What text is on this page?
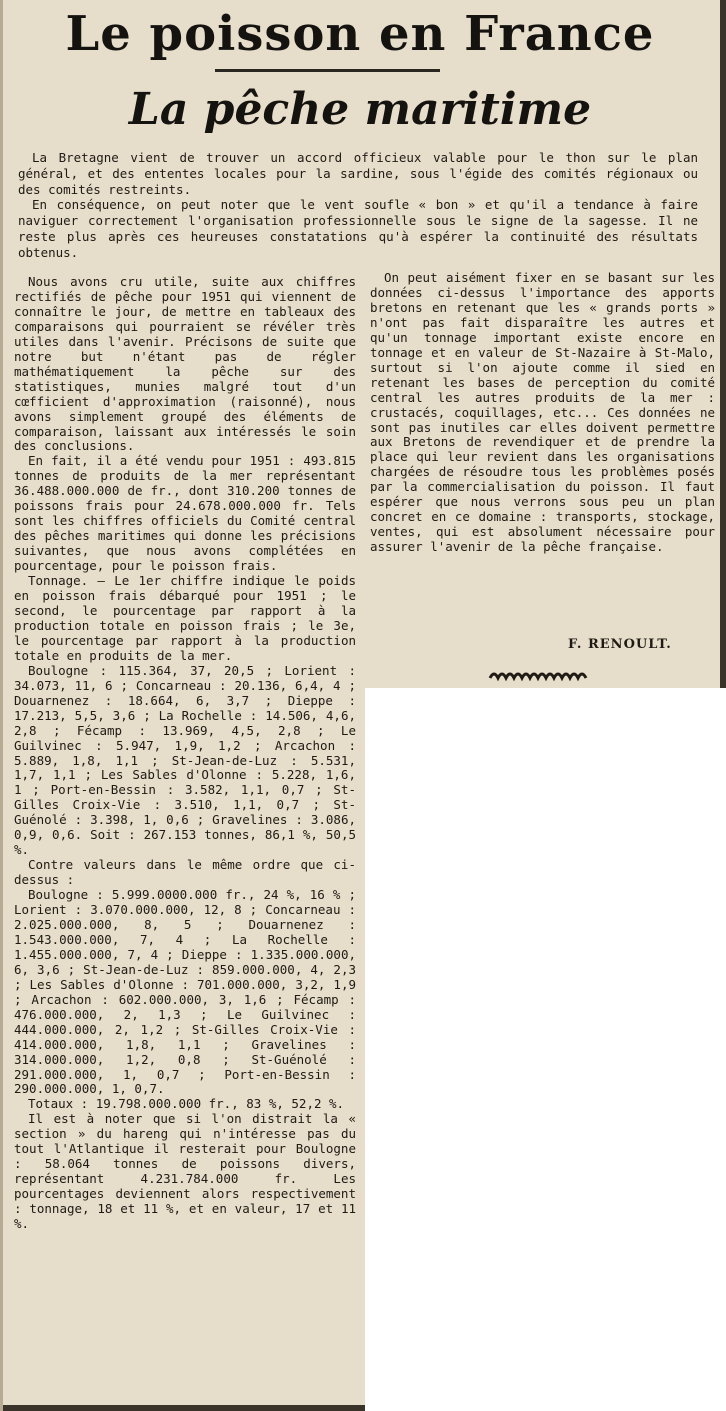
Le poisson en France
La pêche maritime

La Bretagne vient de trouver un accord officieux valable pour le thon sur le plan général, et des ententes locales pour la sardine, sous l'égide des comités régionaux ou des comités restreints.

En conséquence, on peut noter que le vent soufle « bon » et qu'il a tendance à faire naviguer correctement l'organisation professionnelle sous le signe de la sagesse. Il ne reste plus après ces heureuses constatations qu'à espérer la continuité des résultats obtenus.

Nous avons cru utile, suite aux chiffres rectifiés de pêche pour 1951 qui viennent de connaître le jour, de mettre en tableaux des comparaisons qui pourraient se révéler très utiles dans l'avenir. Précisons de suite que notre but n'étant pas de régler mathématiquement la pêche sur des statistiques, munies malgré tout d'un cœfficient d'approximation (raisonné), nous avons simplement groupé des éléments de comparaison, laissant aux intéressés le soin des conclusions.

En fait, il a été vendu pour 1951 : 493.815 tonnes de produits de la mer représentant 36.488.000.000 de fr., dont 310.200 tonnes de poissons frais pour 24.678.000.000 fr. Tels sont les chiffres officiels du Comité central des pêches maritimes qui donne les précisions suivantes, que nous avons complétées en pourcentage, pour le poisson frais.

Tonnage. — Le 1er chiffre indique le poids en poisson frais débarqué pour 1951 ; le second, le pourcentage par rapport à la production totale en poisson frais ; le 3e, le pourcentage par rapport à la production totale en produits de la mer.

Boulogne : 115.364, 37, 20,5 ; Lorient : 34.073, 11, 6 ; Concarneau : 20.136, 6,4, 4 ; Douarnenez : 18.664, 6, 3,7 ; Dieppe : 17.213, 5,5, 3,6 ; La Rochelle : 14.506, 4,6, 2,8 ; Fécamp : 13.969, 4,5, 2,8 ; Le Guilvinec : 5.947, 1,9, 1,2 ; Arcachon : 5.889, 1,8, 1,1 ; St-Jean-de-Luz : 5.531, 1,7, 1,1 ; Les Sables d'Olonne : 5.228, 1,6, 1 ; Port-en-Bessin : 3.582, 1,1, 0,7 ; St-Gilles Croix-Vie : 3.510, 1,1, 0,7 ; St-Guénolé : 3.398, 1, 0,6 ; Gravelines : 3.086, 0,9, 0,6. Soit : 267.153 tonnes, 86,1 %, 50,5 %.

Contre valeurs dans le même ordre que ci-dessus :

Boulogne : 5.999.0000.000 fr., 24 %, 16 % ; Lorient : 3.070.000.000, 12, 8 ; Concarneau : 2.025.000.000, 8, 5 ; Douarnenez : 1.543.000.000, 7, 4 ; La Rochelle : 1.455.000.000, 7, 4 ; Dieppe : 1.335.000.000, 6, 3,6 ; St-Jean-de-Luz : 859.000.000, 4, 2,3 ; Les Sables d'Olonne : 701.000.000, 3,2, 1,9 ; Arcachon : 602.000.000, 3, 1,6 ; Fécamp : 476.000.000, 2, 1,3 ; Le Guilvinec : 444.000.000, 2, 1,2 ; St-Gilles Croix-Vie : 414.000.000, 1,8, 1,1 ; Gravelines : 314.000.000, 1,2, 0,8 ; St-Guénolé : 291.000.000, 1, 0,7 ; Port-en-Bessin : 290.000.000, 1, 0,7.

Totaux : 19.798.000.000 fr., 83 %, 52,2 %.

Il est à noter que si l'on distrait la « section » du hareng qui n'intéresse pas du tout l'Atlantique il resterait pour Boulogne : 58.064 tonnes de poissons divers, représentant 4.231.784.000 fr. Les pourcentages deviennent alors respectivement : tonnage, 18 et 11 %, et en valeur, 17 et 11 %.

On peut aisément fixer en se basant sur les données ci-dessus l'importance des apports bretons en retenant que les « grands ports » n'ont pas fait disparaître les autres et qu'un tonnage important existe encore en tonnage et en valeur de St-Nazaire à St-Malo, surtout si l'on ajoute comme il sied en retenant les bases de perception du comité central les autres produits de la mer : crustacés, coquillages, etc... Ces données ne sont pas inutiles car elles doivent permettre aux Bretons de revendiquer et de prendre la place qui leur revient dans les organisations chargées de résoudre tous les problèmes posés par la commercialisation du poisson. Il faut espérer que nous verrons sous peu un plan concret en ce domaine : transports, stockage, ventes, qui est absolument nécessaire pour assurer l'avenir de la pêche française.

F. RENOULT.
